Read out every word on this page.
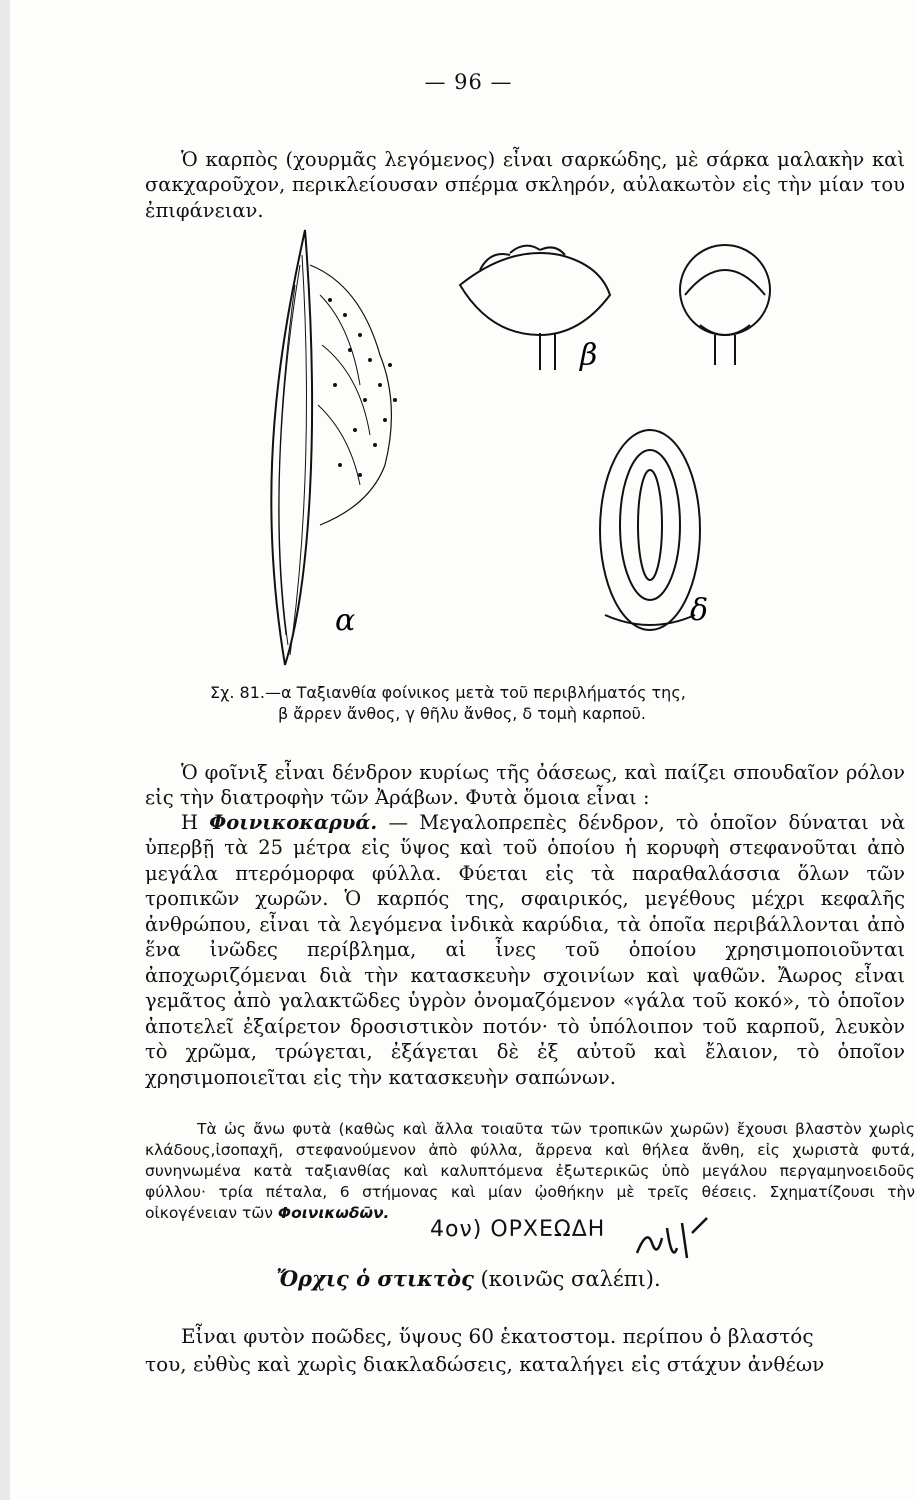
— 96 —

Ὁ καρπὸς (χουρμᾶς λεγόμενος) εἶναι σαρκώδης, μὲ σάρκα μαλακὴν καὶ σακχαροῦχον, περικλείουσαν σπέρμα σκληρόν, αὐλακωτὸν εἰς τὴν μίαν του ἐπιφάνειαν.

α
β
δ
Σχ. 81.—α Ταξιανθία φοίνικος μετὰ τοῦ περιβλήματός της,
β ἄρρεν ἄνθος, γ θῆλυ ἄνθος, δ τομὴ καρποῦ.

Ὁ φοῖνιξ εἶναι δένδρον κυρίως τῆς ὀάσεως, καὶ παίζει σπουδαῖον ρόλον εἰς τὴν διατροφὴν τῶν Ἀράβων. Φυτὰ ὅμοια εἶναι :

Η Φοινικοκαρυά. — Μεγαλοπρεπὲς δένδρον, τὸ ὁποῖον δύναται νὰ ὑπερβῇ τὰ 25 μέτρα εἰς ὕψος καὶ τοῦ ὁποίου ἡ κορυφὴ στεφανοῦται ἀπὸ μεγάλα πτερόμορφα φύλλα. Φύεται εἰς τὰ παραθαλάσσια ὅλων τῶν τροπικῶν χωρῶν. Ὁ καρπός της, σφαιρικός, μεγέθους μέχρι κεφαλῆς ἀνθρώπου, εἶναι τὰ λεγόμενα ἰνδικὰ καρύδια, τὰ ὁποῖα περιβάλλονται ἀπὸ ἕνα ἰνῶδες περίβλημα, αἱ ἶνες τοῦ ὁποίου χρησιμοποιοῦνται ἀποχωριζόμεναι διὰ τὴν κατασκευὴν σχοινίων καὶ ψαθῶν. Ἄωρος εἶναι γεμᾶτος ἀπὸ γαλακτῶδες ὑγρὸν ὀνομαζόμενον «γάλα τοῦ κοκό», τὸ ὁποῖον ἀποτελεῖ ἐξαίρετον δροσιστικὸν ποτόν· τὸ ὑπόλοιπον τοῦ καρποῦ, λευκὸν τὸ χρῶμα, τρώγεται, ἐξάγεται δὲ ἐξ αὐτοῦ καὶ ἔλαιον, τὸ ὁποῖον χρησιμοποιεῖται εἰς τὴν κατασκευὴν σαπώνων.

Τὰ ὡς ἄνω φυτὰ (καθὼς καὶ ἄλλα τοιαῦτα τῶν τροπικῶν χωρῶν) ἔχουσι βλαστὸν χωρὶς κλάδους,ἰσοπαχῆ, στεφανούμενον ἀπὸ φύλλα, ἄρρενα καὶ θήλεα ἄνθη, εἰς χωριστὰ φυτά, συνηνωμένα κατὰ ταξιανθίας καὶ καλυπτόμενα ἐξωτερικῶς ὑπὸ μεγάλου περγαμηνοειδοῦς φύλλου· τρία πέταλα, 6 στήμονας καὶ μίαν ᾠοθήκην μὲ τρεῖς θέσεις. Σχηματίζουσι τὴν οἰκογένειαν τῶν Φοινικωδῶν.

4ον) ΟΡΧΕΩΔΗ
Ὄρχις ὁ στικτὸς (κοινῶς σαλέπι).
Εἶναι φυτὸν ποῶδες, ὕψους 60 ἑκατοστομ. περίπου ὁ βλαστός
του, εὐθὺς καὶ χωρὶς διακλαδώσεις, καταλήγει εἰς στάχυν ἀνθέων
